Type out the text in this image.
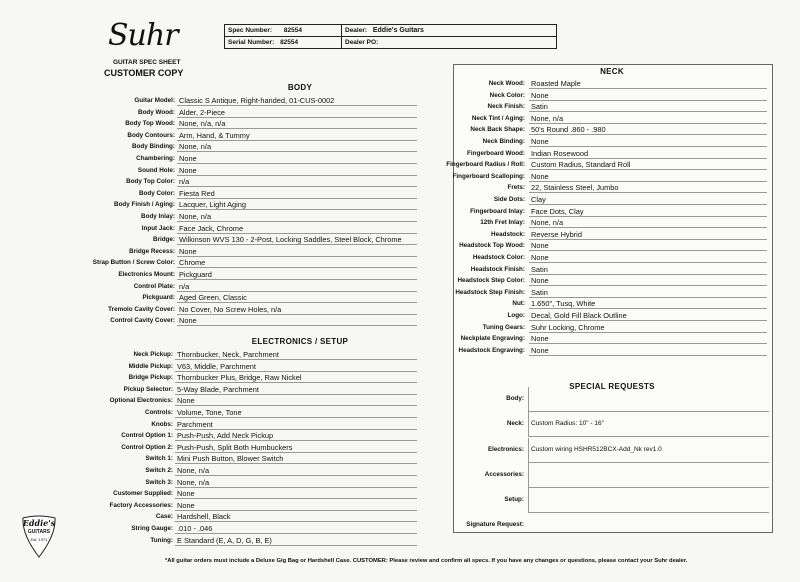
Suhr
GUITAR SPEC SHEET
CUSTOMER COPY
Spec Number: 82554	Dealer: Eddie's Guitars
Serial Number: 82554	Dealer PO:
BODY
ELECTRONICS / SETUP
NECK
SPECIAL REQUESTS
Guitar Model: Classic S Antique, Right-handed, 01-CUS-0002
Body Wood: Alder, 2-Piece
Body Top Wood: None, n/a, n/a
Body Contours: Arm, Hand, & Tummy
Body Binding: None, n/a
Chambering: None
Sound Hole: None
Body Top Color: n/a
Body Color: Fiesta Red
Body Finish / Aging: Lacquer, Light Aging
Body Inlay: None, n/a
Input Jack: Face Jack, Chrome
Bridge: Wilkinson WVS 130 - 2-Post, Locking Saddles, Steel Block, Chrome
Bridge Recess: None
Strap Button / Screw Color: Chrome
Electronics Mount: Pickguard
Control Plate: n/a
Pickguard: Aged Green, Classic
Tremolo Cavity Cover: No Cover, No Screw Holes, n/a
Control Cavity Cover: None
Neck Pickup: Thornbucker, Neck, Parchment
Middle Pickup: V63, Middle, Parchment
Bridge Pickup: Thornbucker Plus, Bridge, Raw Nickel
Pickup Selector: 5-Way Blade, Parchment
Optional Electronics: None
Controls: Volume, Tone, Tone
Knobs: Parchment
Control Option 1: Push-Push, Add Neck Pickup
Control Option 2: Push-Push, Split Both Humbuckers
Switch 1: Mini Push Button, Blower Switch
Switch 2: None, n/a
Switch 3: None, n/a
Customer Supplied: None
Factory Accessories: None
Case: Hardshell, Black
String Gauge: .010 - .046
Tuning: E Standard (E, A, D, G, B, E)
Neck Wood: Roasted Maple
Neck Color: None
Neck Finish: Satin
Neck Tint / Aging: None, n/a
Neck Back Shape: 50's Round .860 - .980
Neck Binding: None
Fingerboard Wood: Indian Rosewood
Fingerboard Radius / Roll: Custom Radius, Standard Roll
Fingerboard Scalloping: None
Frets: 22, Stainless Steel, Jumbo
Side Dots: Clay
Fingerboard Inlay: Face Dots, Clay
12th Fret Inlay: None, n/a
Headstock: Reverse Hybrid
Headstock Top Wood: None
Headstock Color: None
Headstock Finish: Satin
Headstock Step Color: None
Headstock Step Finish: Satin
Nut: 1.650", Tusq, White
Logo: Decal, Gold Fill Black Outline
Tuning Gears: Suhr Locking, Chrome
Neckplate Engraving: None
Headstock Engraving: None
Body:
Neck: Custom Radius: 10" - 16"
Electronics: Custom wiring HSHR512BCX-Add_Nk rev1.0
Accessories:
Setup:
Signature Request:
Eddie's
GUITARS
Est. 1971
*All guitar orders must include a Deluxe Gig Bag or Hardshell Case. CUSTOMER: Please review and confirm all specs. If you have any changes or questions, please contact your Suhr dealer.
